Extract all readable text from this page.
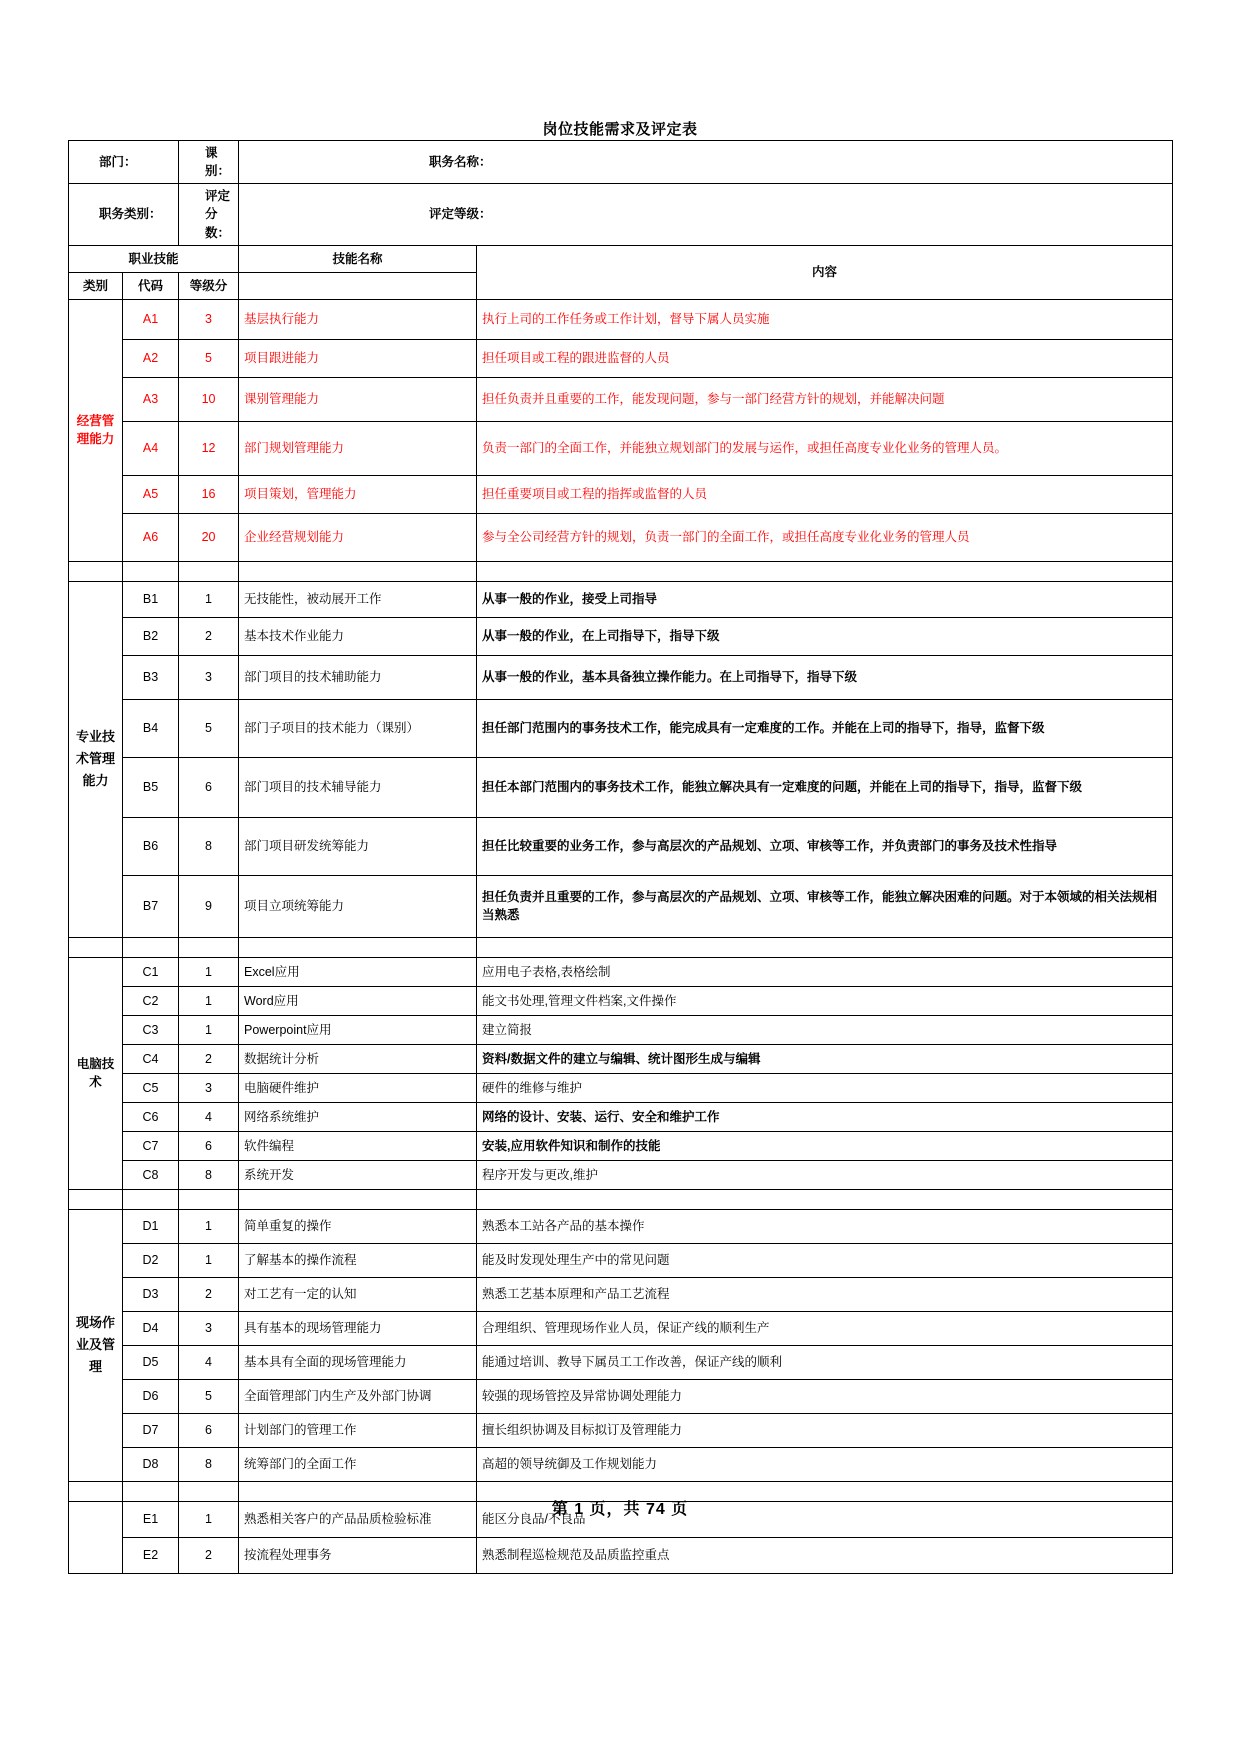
岗位技能需求及评定表
部门：		课别：	职务名称：	
职务类别：		评定分数：	评定等级：	
职业技能			技能名称	内容
类别	代码	等级分		
经营管理能力	A1	3	基层执行能力	执行上司的工作任务或工作计划，督导下属人员实施
	A2	5	项目跟进能力	担任项目或工程的跟进监督的人员
	A3	10	课别管理能力	担任负责并且重要的工作，能发现问题，参与一部门经营方针的规划，并能解决问题
	A4	12	部门规划管理能力	负责一部门的全面工作，并能独立规划部门的发展与运作，或担任高度专业化业务的管理人员。
	A5	16	项目策划，管理能力	担任重要项目或工程的指挥或监督的人员
	A6	20	企业经营规划能力	参与全公司经营方针的规划，负责一部门的全面工作，或担任高度专业化业务的管理人员

专业技术管理能力	B1	1	无技能性，被动展开工作	从事一般的作业，接受上司指导
	B2	2	基本技术作业能力	从事一般的作业，在上司指导下，指导下级
	B3	3	部门项目的技术辅助能力	从事一般的作业，基本具备独立操作能力。在上司指导下，指导下级
	B4	5	部门子项目的技术能力（课别）	担任部门范围内的事务技术工作，能完成具有一定难度的工作。并能在上司的指导下，指导，监督下级
	B5	6	部门项目的技术辅导能力	担任本部门范围内的事务技术工作，能独立解决具有一定难度的问题，并能在上司的指导下，指导，监督下级
	B6	8	部门项目研发统筹能力	担任比较重要的业务工作，参与高层次的产品规划、立项、审核等工作，并负责部门的事务及技术性指导
	B7	9	项目立项统筹能力	担任负责并且重要的工作，参与高层次的产品规划、立项、审核等工作，能独立解决困难的问题。对于本领域的相关法规相当熟悉

电脑技术	C1	1	Excel应用	应用电子表格,表格绘制
	C2	1	Word应用	能文书处理,管理文件档案,文件操作
	C3	1	Powerpoint应用	建立简报
	C4	2	数据统计分析	资料/数据文件的建立与编辑、统计图形生成与编辑
	C5	3	电脑硬件维护	硬件的维修与维护
	C6	4	网络系统维护	网络的设计、安装、运行、安全和维护工作
	C7	6	软件编程	安装,应用软件知识和制作的技能
	C8	8	系统开发	程序开发与更改,维护

现场作业及管理	D1	1	简单重复的操作	熟悉本工站各产品的基本操作
	D2	1	了解基本的操作流程	能及时发现处理生产中的常见问题
	D3	2	对工艺有一定的认知	熟悉工艺基本原理和产品工艺流程
	D4	3	具有基本的现场管理能力	合理组织、管理现场作业人员，保证产线的顺利生产
	D5	4	基本具有全面的现场管理能力	能通过培训、教导下属员工工作改善，保证产线的顺利
	D6	5	全面管理部门内生产及外部门协调	较强的现场管控及异常协调处理能力
	D7	6	计划部门的管理工作	擅长组织协调及目标拟订及管理能力
	D8	8	统筹部门的全面工作	高超的领导统御及工作规划能力

	E1	1	熟悉相关客户的产品品质检验标准	能区分良品/不良品
	E2	2	按流程处理事务	熟悉制程巡检规范及品质监控重点
第 1 页，共 74 页
